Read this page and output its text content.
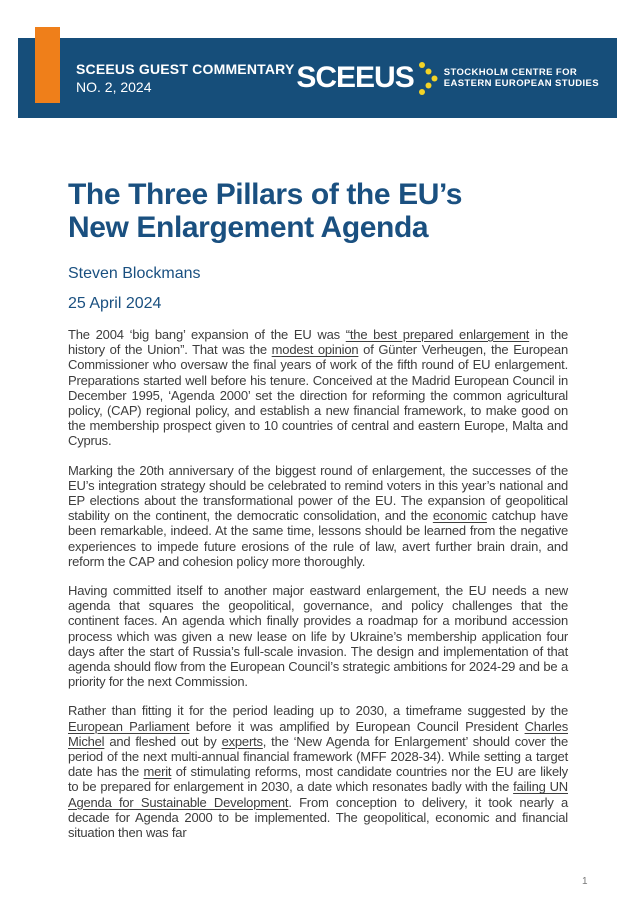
SCEEUS GUEST COMMENTARY
NO. 2, 2024	SCEEUS	STOCKHOLM CENTRE FOR
EASTERN EUROPEAN STUDIES
The Three Pillars of the EU’s
New Enlargement Agenda
Steven Blockmans
25 April 2024

The 2004 ‘big bang’ expansion of the EU was “the best prepared enlargement in the history of the Union”. That was the modest opinion of Günter Verheugen, the European Commissioner who oversaw the final years of work of the fifth round of EU enlargement. Preparations started well before his tenure. Conceived at the Madrid European Council in December 1995, ‘Agenda 2000’ set the direction for reforming the common agricultural policy, (CAP) regional policy, and establish a new financial framework, to make good on the membership prospect given to 10 countries of central and eastern Europe, Malta and Cyprus.

Marking the 20th anniversary of the biggest round of enlargement, the successes of the EU’s integration strategy should be celebrated to remind voters in this year’s national and EP elections about the transformational power of the EU. The expansion of geopolitical stability on the continent, the democratic consolidation, and the economic catchup have been remarkable, indeed. At the same time, lessons should be learned from the negative experiences to impede future erosions of the rule of law, avert further brain drain, and reform the CAP and cohesion policy more thoroughly.

Having committed itself to another major eastward enlargement, the EU needs a new agenda that squares the geopolitical, governance, and policy challenges that the continent faces. An agenda which finally provides a roadmap for a moribund accession process which was given a new lease on life by Ukraine’s membership application four days after the start of Russia’s full-scale invasion. The design and implementation of that agenda should flow from the European Council’s strategic ambitions for 2024-29 and be a priority for the next Commission.

Rather than fitting it for the period leading up to 2030, a timeframe suggested by the European Parliament before it was amplified by European Council President Charles Michel and fleshed out by experts, the ‘New Agenda for Enlargement’ should cover the period of the next multi-annual financial framework (MFF 2028-34). While setting a target date has the merit of stimulating reforms, most candidate countries nor the EU are likely to be prepared for enlargement in 2030, a date which resonates badly with the failing UN Agenda for Sustainable Development. From conception to delivery, it took nearly a decade for Agenda 2000 to be implemented. The geopolitical, economic and financial situation then was far

1
